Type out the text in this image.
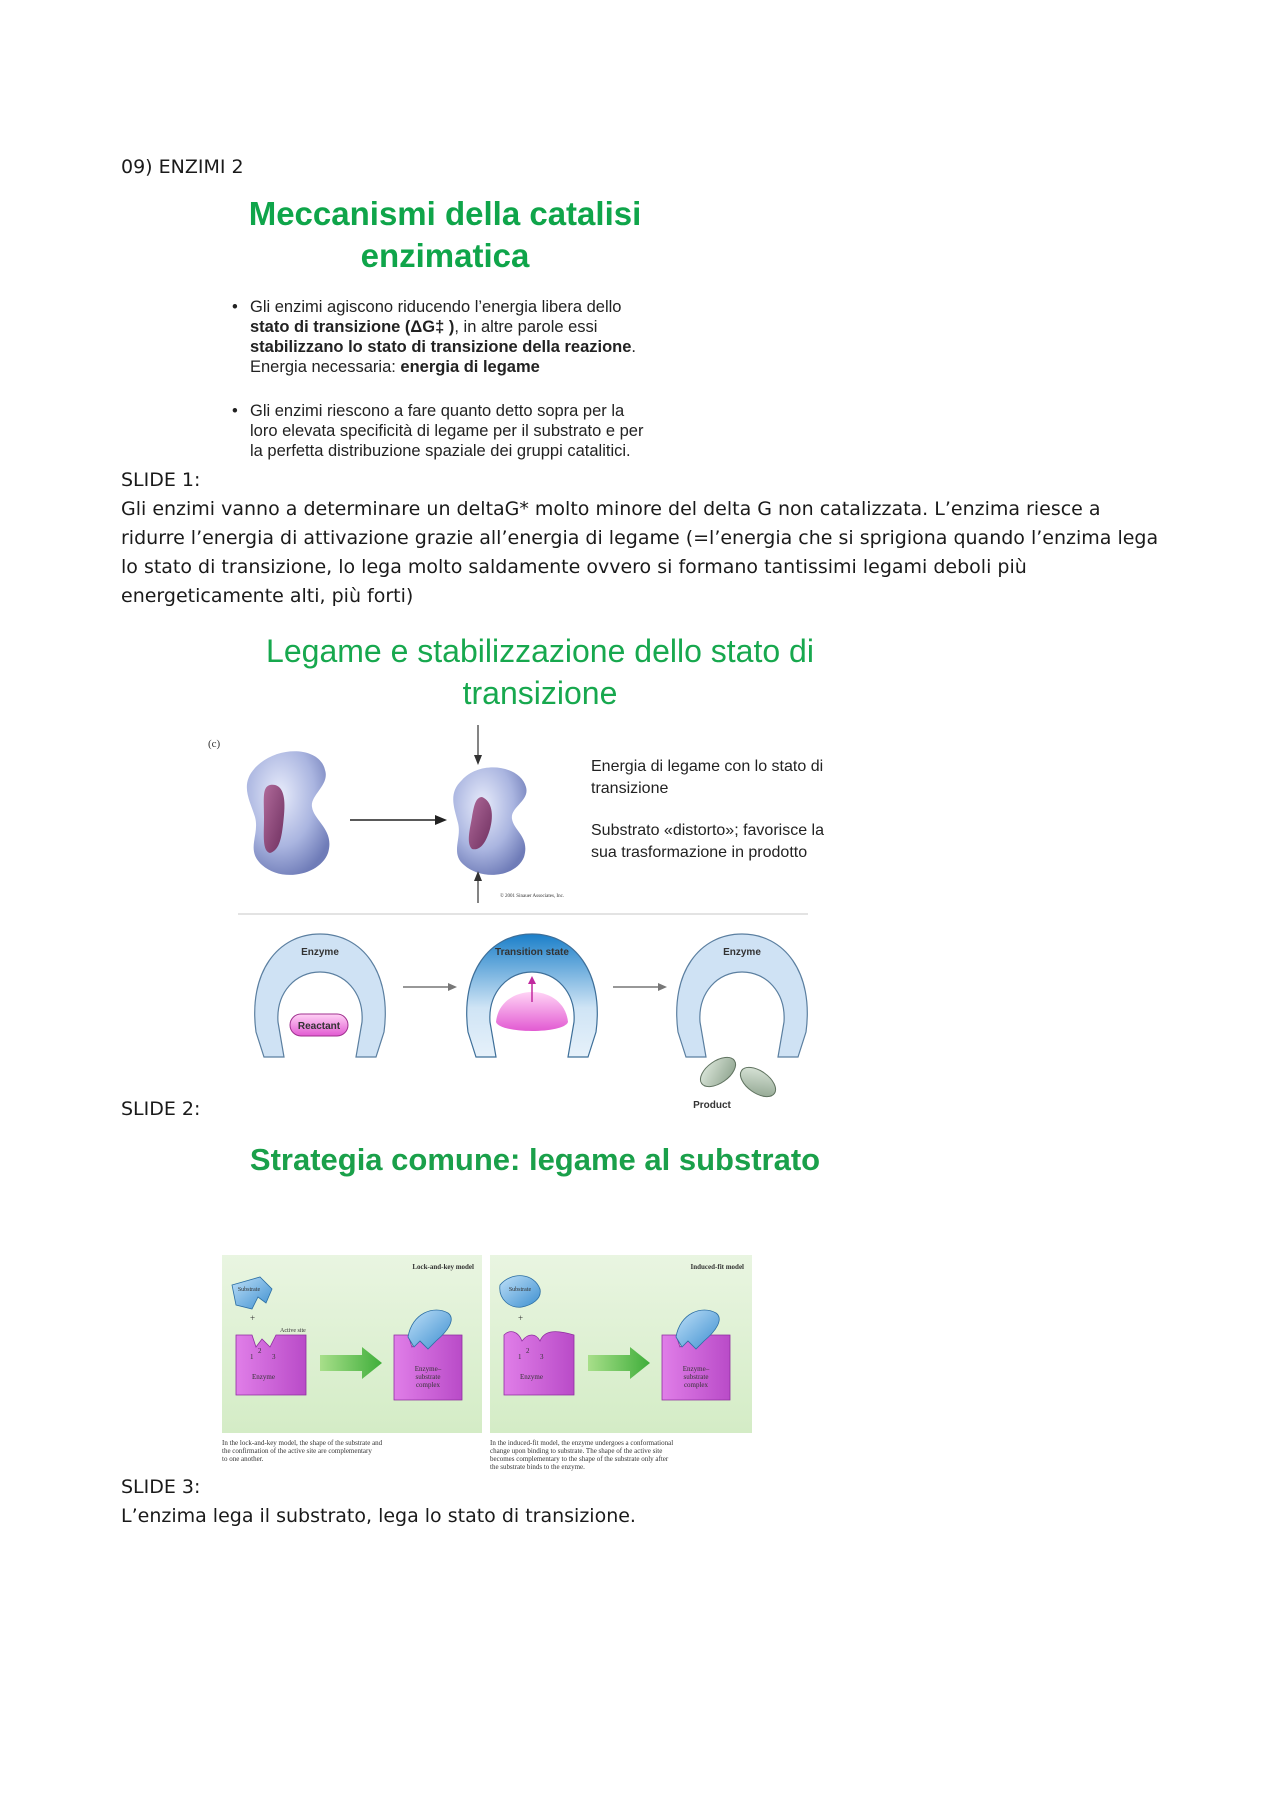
09) ENZIMI 2
Meccanismi della catalisi
enzimatica
• Gli enzimi agiscono riducendo l’energia libera dello
stato di transizione (ΔG‡ ), in altre parole essi
stabilizzano lo stato di transizione della reazione.
Energia necessaria: energia di legame
• Gli enzimi riescono a fare quanto detto sopra per la
loro elevata specificità di legame per il substrato e per
la perfetta distribuzione spaziale dei gruppi catalitici.
SLIDE 1:
Gli enzimi vanno a determinare un deltaG* molto minore del delta G non catalizzata. L’enzima riesce a
ridurre l’energia di attivazione grazie all’energia di legame (=l’energia che si sprigiona quando l’enzima lega
lo stato di transizione, lo lega molto saldamente ovvero si formano tantissimi legami deboli più
energeticamente alti, più forti)
Legame e stabilizzazione dello stato di
transizione
(c)
© 2001 Sinauer Associates, Inc.
Energia di legame con lo stato di
transizione
Substrato «distorto»; favorisce la
sua trasformazione in prodotto
Enzyme
Reactant
Transition state	Enzyme
Product
SLIDE 2:
Strategia comune: legame al substrato
Lock-and-key model
Substrate
+
Active site
1
2
3
Enzyme
Enzyme–
substrate
complex
In the lock-and-key model, the shape of the substrate and
the confirmation of the active site are complementary
to one another.
Induced-fit model
Substrate
+
1
2
3
Enzyme
Enzyme–
substrate
complex
In the induced-fit model, the enzyme undergoes a conformational
change upon binding to substrate. The shape of the active site
becomes complementary to the shape of the substrate only after
the substrate binds to the enzyme.
SLIDE 3:
L’enzima lega il substrato, lega lo stato di transizione.
